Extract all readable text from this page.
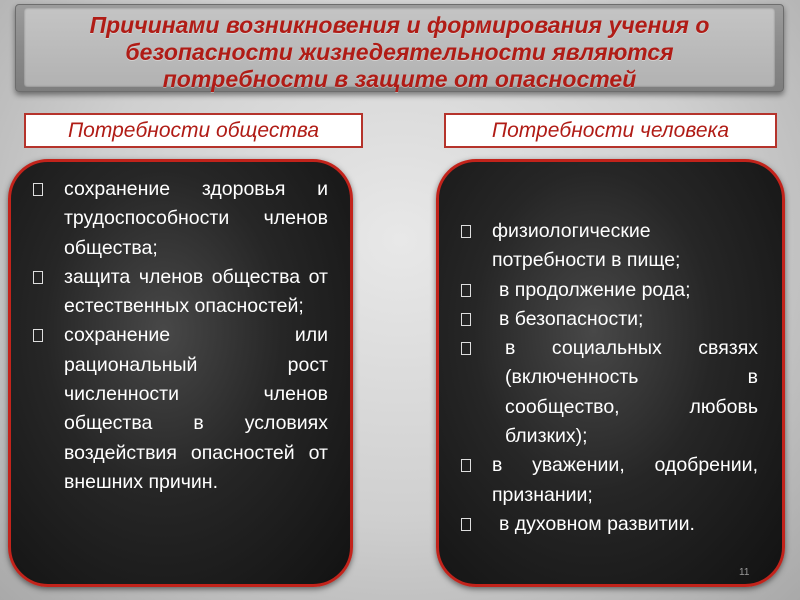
Причинами возникновения и формирования учения о
безопасности жизнедеятельности являются
потребности в защите от опасностей
Потребности общества	Потребности человека
сохранение здоровья и трудоспособности членов общества;
защита членов общества от естественных опасностей;
сохранение или рациональный рост численности членов общества в условиях воздействия опасностей от внешних причин.
физиологические потребности в пище;
в продолжение рода;
в безопасности;
в социальных связях (включенность в сообщество, любовь близких);
в уважении, одобрении, признании;
в духовном развитии.
11
